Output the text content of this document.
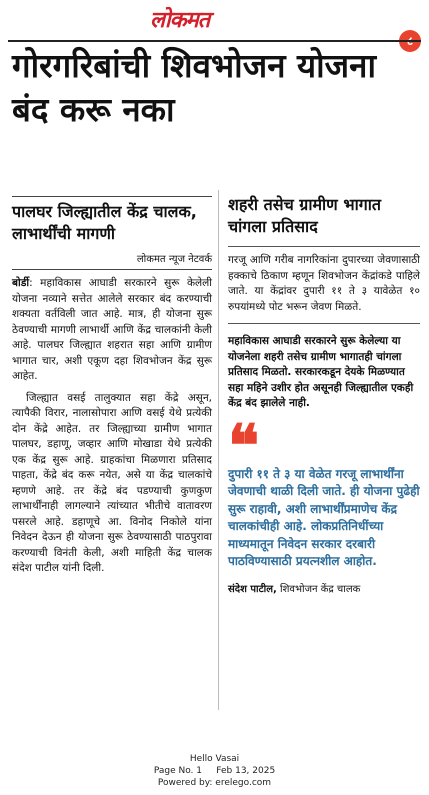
लोकमत
गोरगरिबांची शिवभोजन योजना बंद करू नका

पालघर जिल्ह्यातील केंद्र चालक, लाभार्थींची मागणी

लोकमत न्यूज नेटवर्क

बोर्डी: महाविकास आघाडी सरकारने सुरू केलेली योजना नव्याने सत्तेत आलेले सरकार बंद करण्याची शक्यता वर्तविली जात आहे. मात्र, ही योजना सुरू ठेवण्याची मागणी लाभार्थी आणि केंद्र चालकांनी केली आहे. पालघर जिल्ह्यात शहरात सहा आणि ग्रामीण भागात चार, अशी एकूण दहा शिवभोजन केंद्र सुरू आहेत.

जिल्ह्यात वसई तालुक्यात सहा केंद्रे असून, त्यापैकी विरार, नालासोपारा आणि वसई येथे प्रत्येकी दोन केंद्रे आहेत. तर जिल्ह्याच्या ग्रामीण भागात पालघर, डहाणू, जव्हार आणि मोखाडा येथे प्रत्येकी एक केंद्र सुरू आहे. ग्राहकांचा मिळणारा प्रतिसाद पाहता, केंद्रे बंद करू नयेत, असे या केंद्र चालकांचे म्हणणे आहे. तर केंद्रे बंद पडण्याची कुणकुण लाभार्थींनाही लागल्याने त्यांच्यात भीतीचे वातावरण पसरले आहे. डहाणूचे आ. विनोद निकोले यांना निवेदन देऊन ही योजना सुरू ठेवण्यासाठी पाठपुरावा करण्याची विनंती केली, अशी माहिती केंद्र चालक संदेश पाटील यांनी दिली.

शहरी तसेच ग्रामीण भागात चांगला प्रतिसाद

गरजू आणि गरीब नागरिकांना दुपारच्या जेवणासाठी हक्काचे ठिकाण म्हणून शिवभोजन केंद्रांकडे पाहिले जाते. या केंद्रांवर दुपारी ११ ते ३ यावेळेत १० रुपयांमध्ये पोट भरून जेवण मिळते.

महाविकास आघाडी सरकारने सुरू केलेल्या या योजनेला शहरी तसेच ग्रामीण भागातही चांगला प्रतिसाद मिळतो. सरकारकडून देयके मिळण्यात सहा महिने उशीर होत असूनही जिल्ह्यातील एकही केंद्र बंद झालेले नाही.

❝

दुपारी ११ ते ३ या वेळेत गरजू लाभार्थींना जेवणाची थाळी दिली जाते. ही योजना पुढेही सुरू राहावी, अशी लाभार्थींप्रमाणेच केंद्र चालकांचीही आहे. लोकप्रतिनिधींच्या माध्यमातून निवेदन सरकार दरबारी पाठविण्यासाठी प्रयत्नशील आहोत.

संदेश पाटील, शिवभोजन केंद्र चालक
Hello Vasai
Page No. 1     Feb 13, 2025
Powered by: erelego.com
